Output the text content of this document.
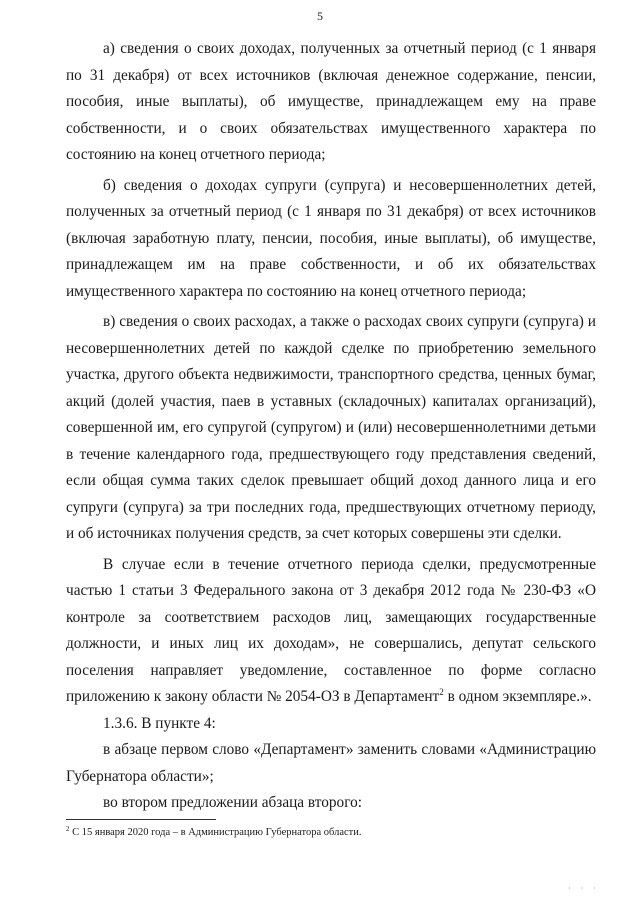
5

а) сведения о своих доходах, полученных за отчетный период (с 1 января по 31 декабря) от всех источников (включая денежное содержание, пенсии, пособия, иные выплаты), об имуществе, принадлежащем ему на праве собственности, и о своих обязательствах имущественного характера по состоянию на конец отчетного периода;

б) сведения о доходах супруги (супруга) и несовершеннолетних детей, полученных за отчетный период (с 1 января по 31 декабря) от всех источников (включая заработную плату, пенсии, пособия, иные выплаты), об имуществе, принадлежащем им на праве собственности, и об их обязательствах имущественного характера по состоянию на конец отчетного периода;

в) сведения о своих расходах, а также о расходах своих супруги (супруга) и несовершеннолетних детей по каждой сделке по приобретению земельного участка, другого объекта недвижимости, транспортного средства, ценных бумаг, акций (долей участия, паев в уставных (складочных) капиталах организаций), совершенной им, его супругой (супругом) и (или) несовершеннолетними детьми в течение календарного года, предшествующего году представления сведений, если общая сумма таких сделок превышает общий доход данного лица и его супруги (супруга) за три последних года, предшествующих отчетному периоду, и об источниках получения средств, за счет которых совершены эти сделки.

В случае если в течение отчетного периода сделки, предусмотренные частью 1 статьи 3 Федерального закона от 3 декабря 2012 года № 230-ФЗ «О контроле за соответствием расходов лиц, замещающих государственные должности, и иных лиц их доходам», не совершались, депутат сельского поселения направляет уведомление, составленное по форме согласно приложению к закону области № 2054-ОЗ в Департамент$^2$ в одном экземпляре.».

1.3.6. В пункте 4:

в абзаце первом слово «Департамент» заменить словами «Администрацию Губернатора области»;

во втором предложении абзаца второго:

$^2$ С 15 января 2020 года – в Администрацию Губернатора области.
· · ·
